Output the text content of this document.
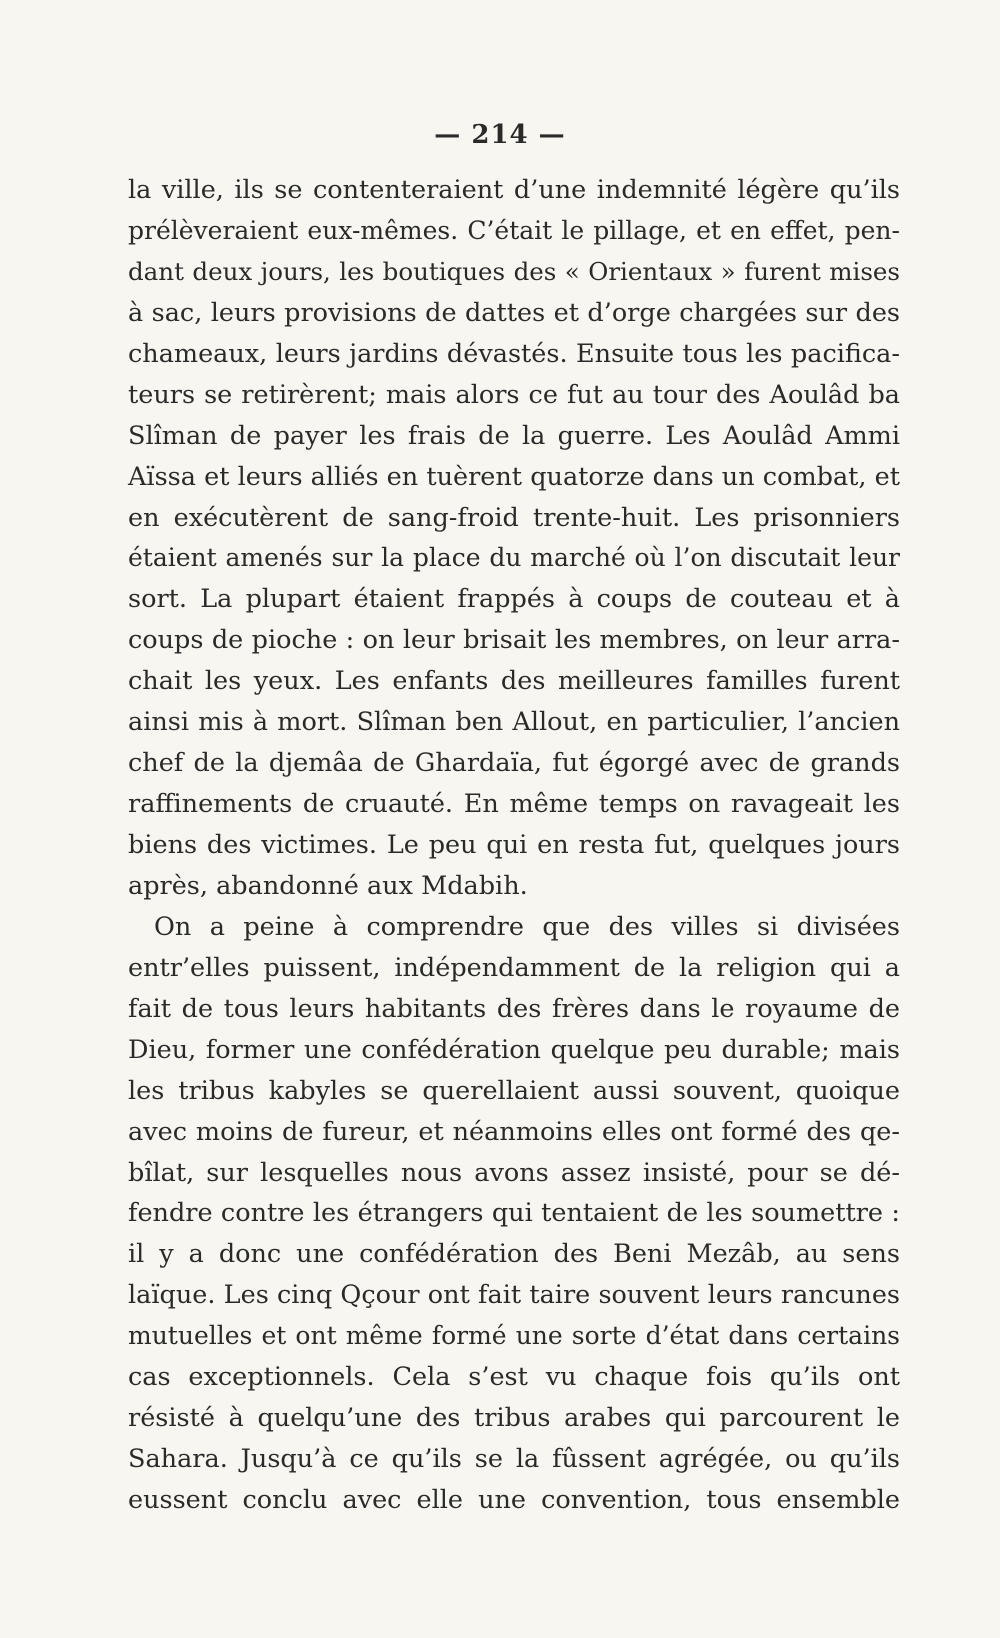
— 214 —
la ville, ils se contenteraient d’une indemnité légère qu’ils
prélèveraient eux-mêmes. C’était le pillage, et en effet, pen-
dant deux jours, les boutiques des « Orientaux » furent mises
à sac, leurs provisions de dattes et d’orge chargées sur des
chameaux, leurs jardins dévastés. Ensuite tous les pacifica-
teurs se retirèrent; mais alors ce fut au tour des Aoulâd ba
Slîman de payer les frais de la guerre. Les Aoulâd Ammi
Aïssa et leurs alliés en tuèrent quatorze dans un combat, et
en exécutèrent de sang-froid trente-huit. Les prisonniers
étaient amenés sur la place du marché où l’on discutait leur
sort. La plupart étaient frappés à coups de couteau et à
coups de pioche : on leur brisait les membres, on leur arra-
chait les yeux. Les enfants des meilleures familles furent
ainsi mis à mort. Slîman ben Allout, en particulier, l’ancien
chef de la djemâa de Ghardaïa, fut égorgé avec de grands
raffinements de cruauté. En même temps on ravageait les
biens des victimes. Le peu qui en resta fut, quelques jours
après, abandonné aux Mdabih.
On a peine à comprendre que des villes si divisées
entr’elles puissent, indépendamment de la religion qui a
fait de tous leurs habitants des frères dans le royaume de
Dieu, former une confédération quelque peu durable; mais
les tribus kabyles se querellaient aussi souvent, quoique
avec moins de fureur, et néanmoins elles ont formé des qe-
bîlat, sur lesquelles nous avons assez insisté, pour se dé-
fendre contre les étrangers qui tentaient de les soumettre :
il y a donc une confédération des Beni Mezâb, au sens
laïque. Les cinq Qçour ont fait taire souvent leurs rancunes
mutuelles et ont même formé une sorte d’état dans certains
cas exceptionnels. Cela s’est vu chaque fois qu’ils ont
résisté à quelqu’une des tribus arabes qui parcourent le
Sahara. Jusqu’à ce qu’ils se la fûssent agrégée, ou qu’ils
eussent conclu avec elle une convention, tous ensemble
